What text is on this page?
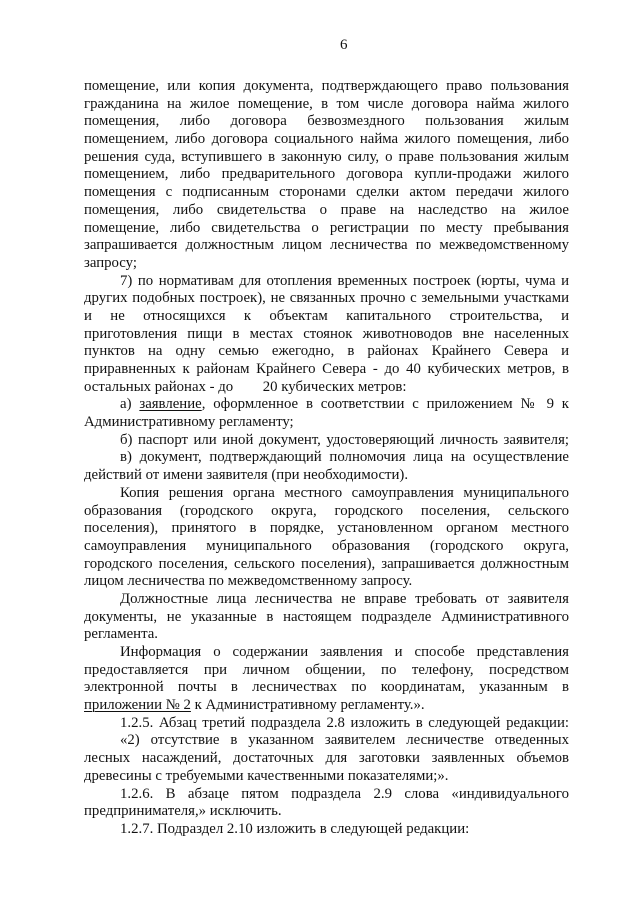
6
помещение, или копия документа, подтверждающего право пользования
гражданина на жилое помещение, в том числе договора найма жилого
помещения, либо договора безвозмездного пользования жилым
помещением, либо договора социального найма жилого помещения, либо
решения суда, вступившего в законную силу, о праве пользования жилым
помещением, либо предварительного договора купли-продажи жилого
помещения с подписанным сторонами сделки актом передачи жилого
помещения, либо свидетельства о праве на наследство на жилое
помещение, либо свидетельства о регистрации по месту пребывания
запрашивается должностным лицом лесничества по межведомственному
запросу;
7) по нормативам для отопления временных построек (юрты, чума и
других подобных построек), не связанных прочно с земельными участками
и не относящихся к объектам капитального строительства, и
приготовления пищи в местах стоянок животноводов вне населенных
пунктов на одну семью ежегодно, в районах Крайнего Севера и
приравненных к районам Крайнего Севера - до 40 кубических метров, в
остальных районах - до        20 кубических метров:
а) заявление, оформленное в соответствии с приложением № 9 к
Административному регламенту;
б) паспорт или иной документ, удостоверяющий личность заявителя;
в) документ, подтверждающий полномочия лица на осуществление
действий от имени заявителя (при необходимости).
Копия решения органа местного самоуправления муниципального
образования (городского округа, городского поселения, сельского
поселения), принятого в порядке, установленном органом местного
самоуправления муниципального образования (городского округа,
городского поселения, сельского поселения), запрашивается должностным
лицом лесничества по межведомственному запросу.
Должностные лица лесничества не вправе требовать от заявителя
документы, не указанные в настоящем подразделе Административного
регламента.
Информация о содержании заявления и способе представления
предоставляется при личном общении, по телефону, посредством
электронной почты в лесничествах по координатам, указанным в
приложении № 2 к Административному регламенту.».
1.2.5. Абзац третий подраздела 2.8 изложить в следующей редакции:
«2) отсутствие в указанном заявителем лесничестве отведенных
лесных насаждений, достаточных для заготовки заявленных объемов
древесины с требуемыми качественными показателями;».
1.2.6. В абзаце пятом подраздела 2.9 слова «индивидуального
предпринимателя,» исключить.
1.2.7. Подраздел 2.10 изложить в следующей редакции:
